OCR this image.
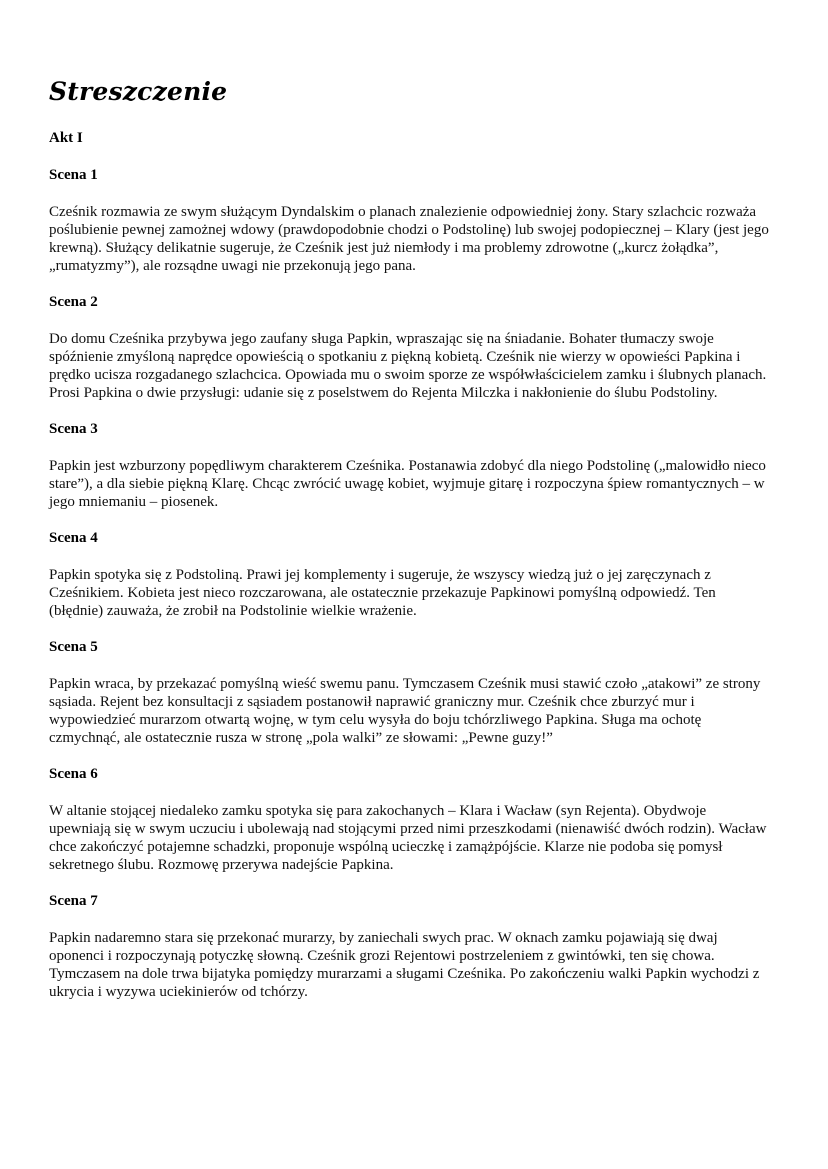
Streszczenie
Akt I
Scena 1

Cześnik rozmawia ze swym służącym Dyndalskim o planach znalezienie odpowiedniej żony. Stary szlachcic rozważa poślubienie pewnej zamożnej wdowy (prawdopodobnie chodzi o Podstolinę) lub swojej podopiecznej – Klary (jest jego krewną). Służący delikatnie sugeruje, że Cześnik jest już niemłody i ma problemy zdrowotne („kurcz żołądka”, „rumatyzmy”), ale rozsądne uwagi nie przekonują jego pana.

Scena 2

Do domu Cześnika przybywa jego zaufany sługa Papkin, wpraszając się na śniadanie. Bohater tłumaczy swoje spóźnienie zmyśloną naprędce opowieścią o spotkaniu z piękną kobietą. Cześnik nie wierzy w opowieści Papkina i prędko ucisza rozgadanego szlachcica. Opowiada mu o swoim sporze ze współwłaścicielem zamku i ślubnych planach. Prosi Papkina o dwie przysługi: udanie się z poselstwem do Rejenta Milczka i nakłonienie do ślubu Podstoliny.

Scena 3

Papkin jest wzburzony popędliwym charakterem Cześnika. Postanawia zdobyć dla niego Podstolinę („malowidło nieco stare”), a dla siebie piękną Klarę. Chcąc zwrócić uwagę kobiet, wyjmuje gitarę i rozpoczyna śpiew romantycznych – w jego mniemaniu – piosenek.

Scena 4

Papkin spotyka się z Podstoliną. Prawi jej komplementy i sugeruje, że wszyscy wiedzą już o jej zaręczynach z Cześnikiem. Kobieta jest nieco rozczarowana, ale ostatecznie przekazuje Papkinowi pomyślną odpowiedź. Ten (błędnie) zauważa, że zrobił na Podstolinie wielkie wrażenie.

Scena 5

Papkin wraca, by przekazać pomyślną wieść swemu panu. Tymczasem Cześnik musi stawić czoło „atakowi” ze strony sąsiada. Rejent bez konsultacji z sąsiadem postanowił naprawić graniczny mur. Cześnik chce zburzyć mur i wypowiedzieć murarzom otwartą wojnę, w tym celu wysyła do boju tchórzliwego Papkina. Sługa ma ochotę czmychnąć, ale ostatecznie rusza w stronę „pola walki” ze słowami: „Pewne guzy!”

Scena 6

W altanie stojącej niedaleko zamku spotyka się para zakochanych – Klara i Wacław (syn Rejenta). Obydwoje upewniają się w swym uczuciu i ubolewają nad stojącymi przed nimi przeszkodami (nienawiść dwóch rodzin). Wacław chce zakończyć potajemne schadzki, proponuje wspólną ucieczkę i zamążpójście. Klarze nie podoba się pomysł sekretnego ślubu. Rozmowę przerywa nadejście Papkina.

Scena 7

Papkin nadaremno stara się przekonać murarzy, by zaniechali swych prac. W oknach zamku pojawiają się dwaj oponenci i rozpoczynają potyczkę słowną. Cześnik grozi Rejentowi postrzeleniem z gwintówki, ten się chowa. Tymczasem na dole trwa bijatyka pomiędzy murarzami a sługami Cześnika. Po zakończeniu walki Papkin wychodzi z ukrycia i wyzywa uciekinierów od tchórzy.
